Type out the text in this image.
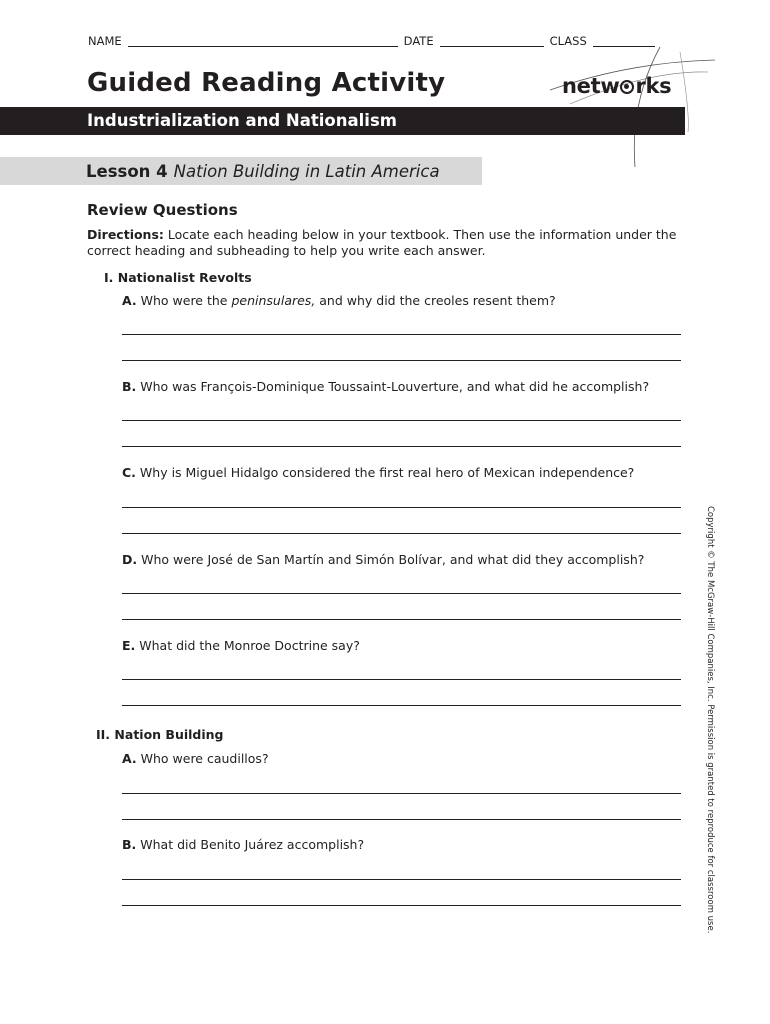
NAME	DATE	CLASS
Guided Reading Activity	netw rks
Industrialization and Nationalism
Lesson 4 Nation Building in Latin America
Review Questions
Directions: Locate each heading below in your textbook. Then use the information under the correct heading and subheading to help you write each answer.
I. Nationalist Revolts
A. Who were the peninsulares, and why did the creoles resent them?
B. Who was François-Dominique Toussaint-Louverture, and what did he accomplish?
C. Why is Miguel Hidalgo considered the first real hero of Mexican independence?
D. Who were José de San Martín and Simón Bolívar, and what did they accomplish?
E. What did the Monroe Doctrine say?
II. Nation Building
A. Who were caudillos?
B. What did Benito Juárez accomplish?	Copyright © The McGraw-Hill Companies, Inc. Permission is granted to reproduce for classroom use.
